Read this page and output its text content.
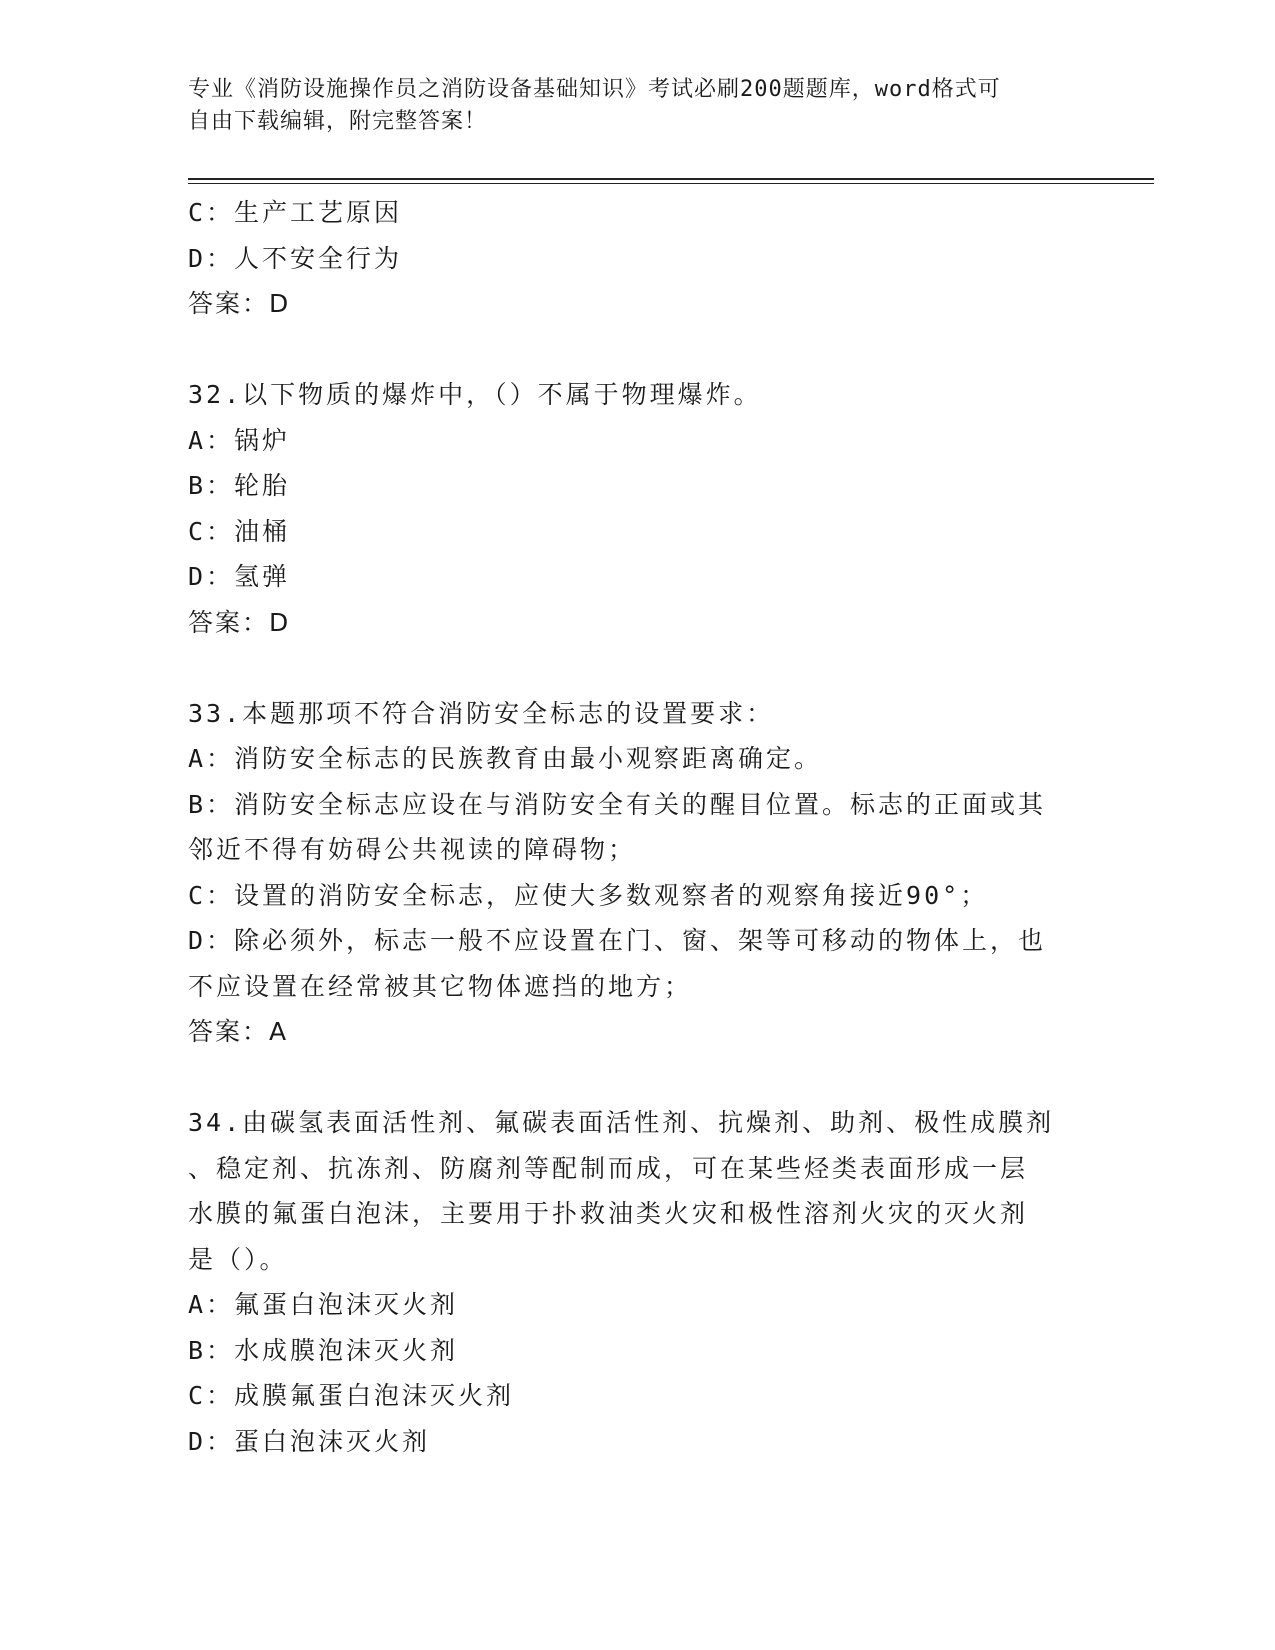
专业《消防设施操作员之消防设备基础知识》考试必刷200题题库，word格式可
自由下载编辑，附完整答案！
C：生产工艺原因
D：人不安全行为
答案：D
32.以下物质的爆炸中，（）不属于物理爆炸。
A：锅炉
B：轮胎
C：油桶
D：氢弹
答案：D
33.本题那项不符合消防安全标志的设置要求：
A：消防安全标志的民族教育由最小观察距离确定。
B：消防安全标志应设在与消防安全有关的醒目位置。标志的正面或其
邻近不得有妨碍公共视读的障碍物；
C：设置的消防安全标志，应使大多数观察者的观察角接近90°；
D：除必须外，标志一般不应设置在门、窗、架等可移动的物体上，也
不应设置在经常被其它物体遮挡的地方；
答案：A
34.由碳氢表面活性剂、氟碳表面活性剂、抗燥剂、助剂、极性成膜剂
、稳定剂、抗冻剂、防腐剂等配制而成，可在某些烃类表面形成一层
水膜的氟蛋白泡沫，主要用于扑救油类火灾和极性溶剂火灾的灭火剂
是（）。
A：氟蛋白泡沫灭火剂
B：水成膜泡沫灭火剂
C：成膜氟蛋白泡沫灭火剂
D：蛋白泡沫灭火剂
